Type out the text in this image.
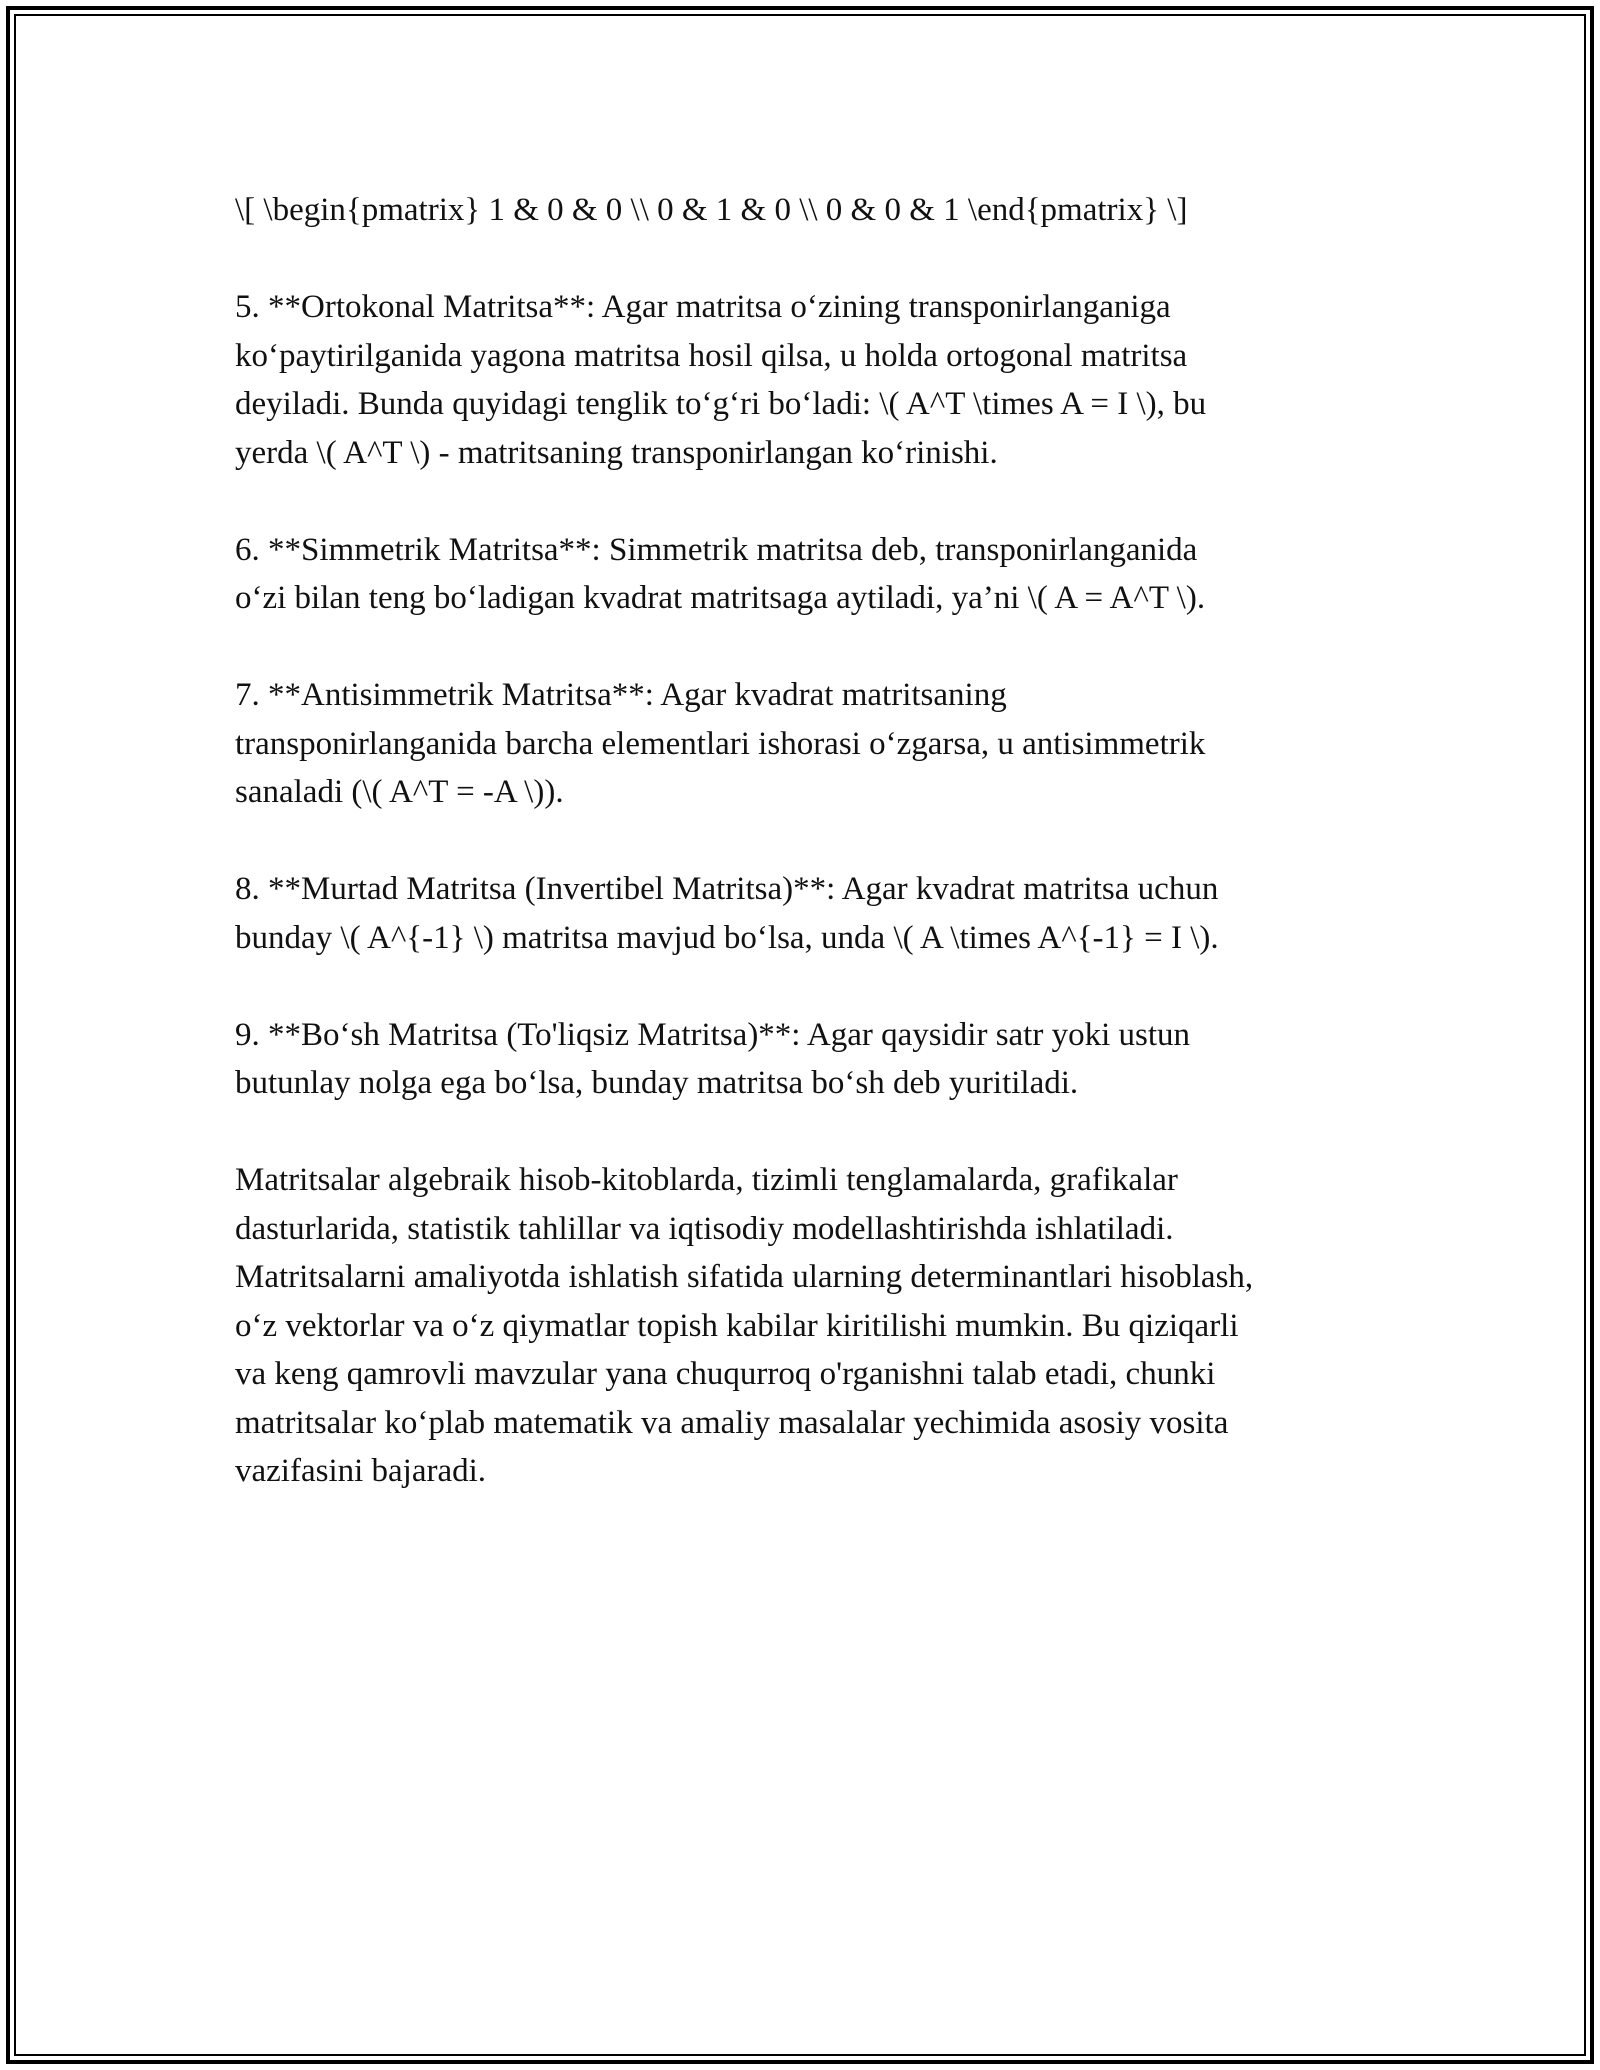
\[ \begin{pmatrix} 1 & 0 & 0 \\ 0 & 1 & 0 \\ 0 & 0 & 1 \end{pmatrix} \]

5. **Ortokonal Matritsa**: Agar matritsa o‘zining transponirlanganiga
ko‘paytirilganida yagona matritsa hosil qilsa, u holda ortogonal matritsa
deyiladi. Bunda quyidagi tenglik to‘g‘ri bo‘ladi: \( A^T \times A = I \), bu
yerda \( A^T \) - matritsaning transponirlangan ko‘rinishi.

6. **Simmetrik Matritsa**: Simmetrik matritsa deb, transponirlanganida
o‘zi bilan teng bo‘ladigan kvadrat matritsaga aytiladi, ya’ni \( A = A^T \).

7. **Antisimmetrik Matritsa**: Agar kvadrat matritsaning
transponirlanganida barcha elementlari ishorasi o‘zgarsa, u antisimmetrik
sanaladi (\( A^T = -A \)).

8. **Murtad Matritsa (Invertibel Matritsa)**: Agar kvadrat matritsa uchun
bunday \( A^{-1} \) matritsa mavjud bo‘lsa, unda \( A \times A^{-1} = I \).

9. **Bo‘sh Matritsa (To'liqsiz Matritsa)**: Agar qaysidir satr yoki ustun
butunlay nolga ega bo‘lsa, bunday matritsa bo‘sh deb yuritiladi.

Matritsalar algebraik hisob-kitoblarda, tizimli tenglamalarda, grafikalar
dasturlarida, statistik tahlillar va iqtisodiy modellashtirishda ishlatiladi.
Matritsalarni amaliyotda ishlatish sifatida ularning determinantlari hisoblash,
o‘z vektorlar va o‘z qiymatlar topish kabilar kiritilishi mumkin. Bu qiziqarli
va keng qamrovli mavzular yana chuqurroq o'rganishni talab etadi, chunki
matritsalar ko‘plab matematik va amaliy masalalar yechimida asosiy vosita
vazifasini bajaradi.
